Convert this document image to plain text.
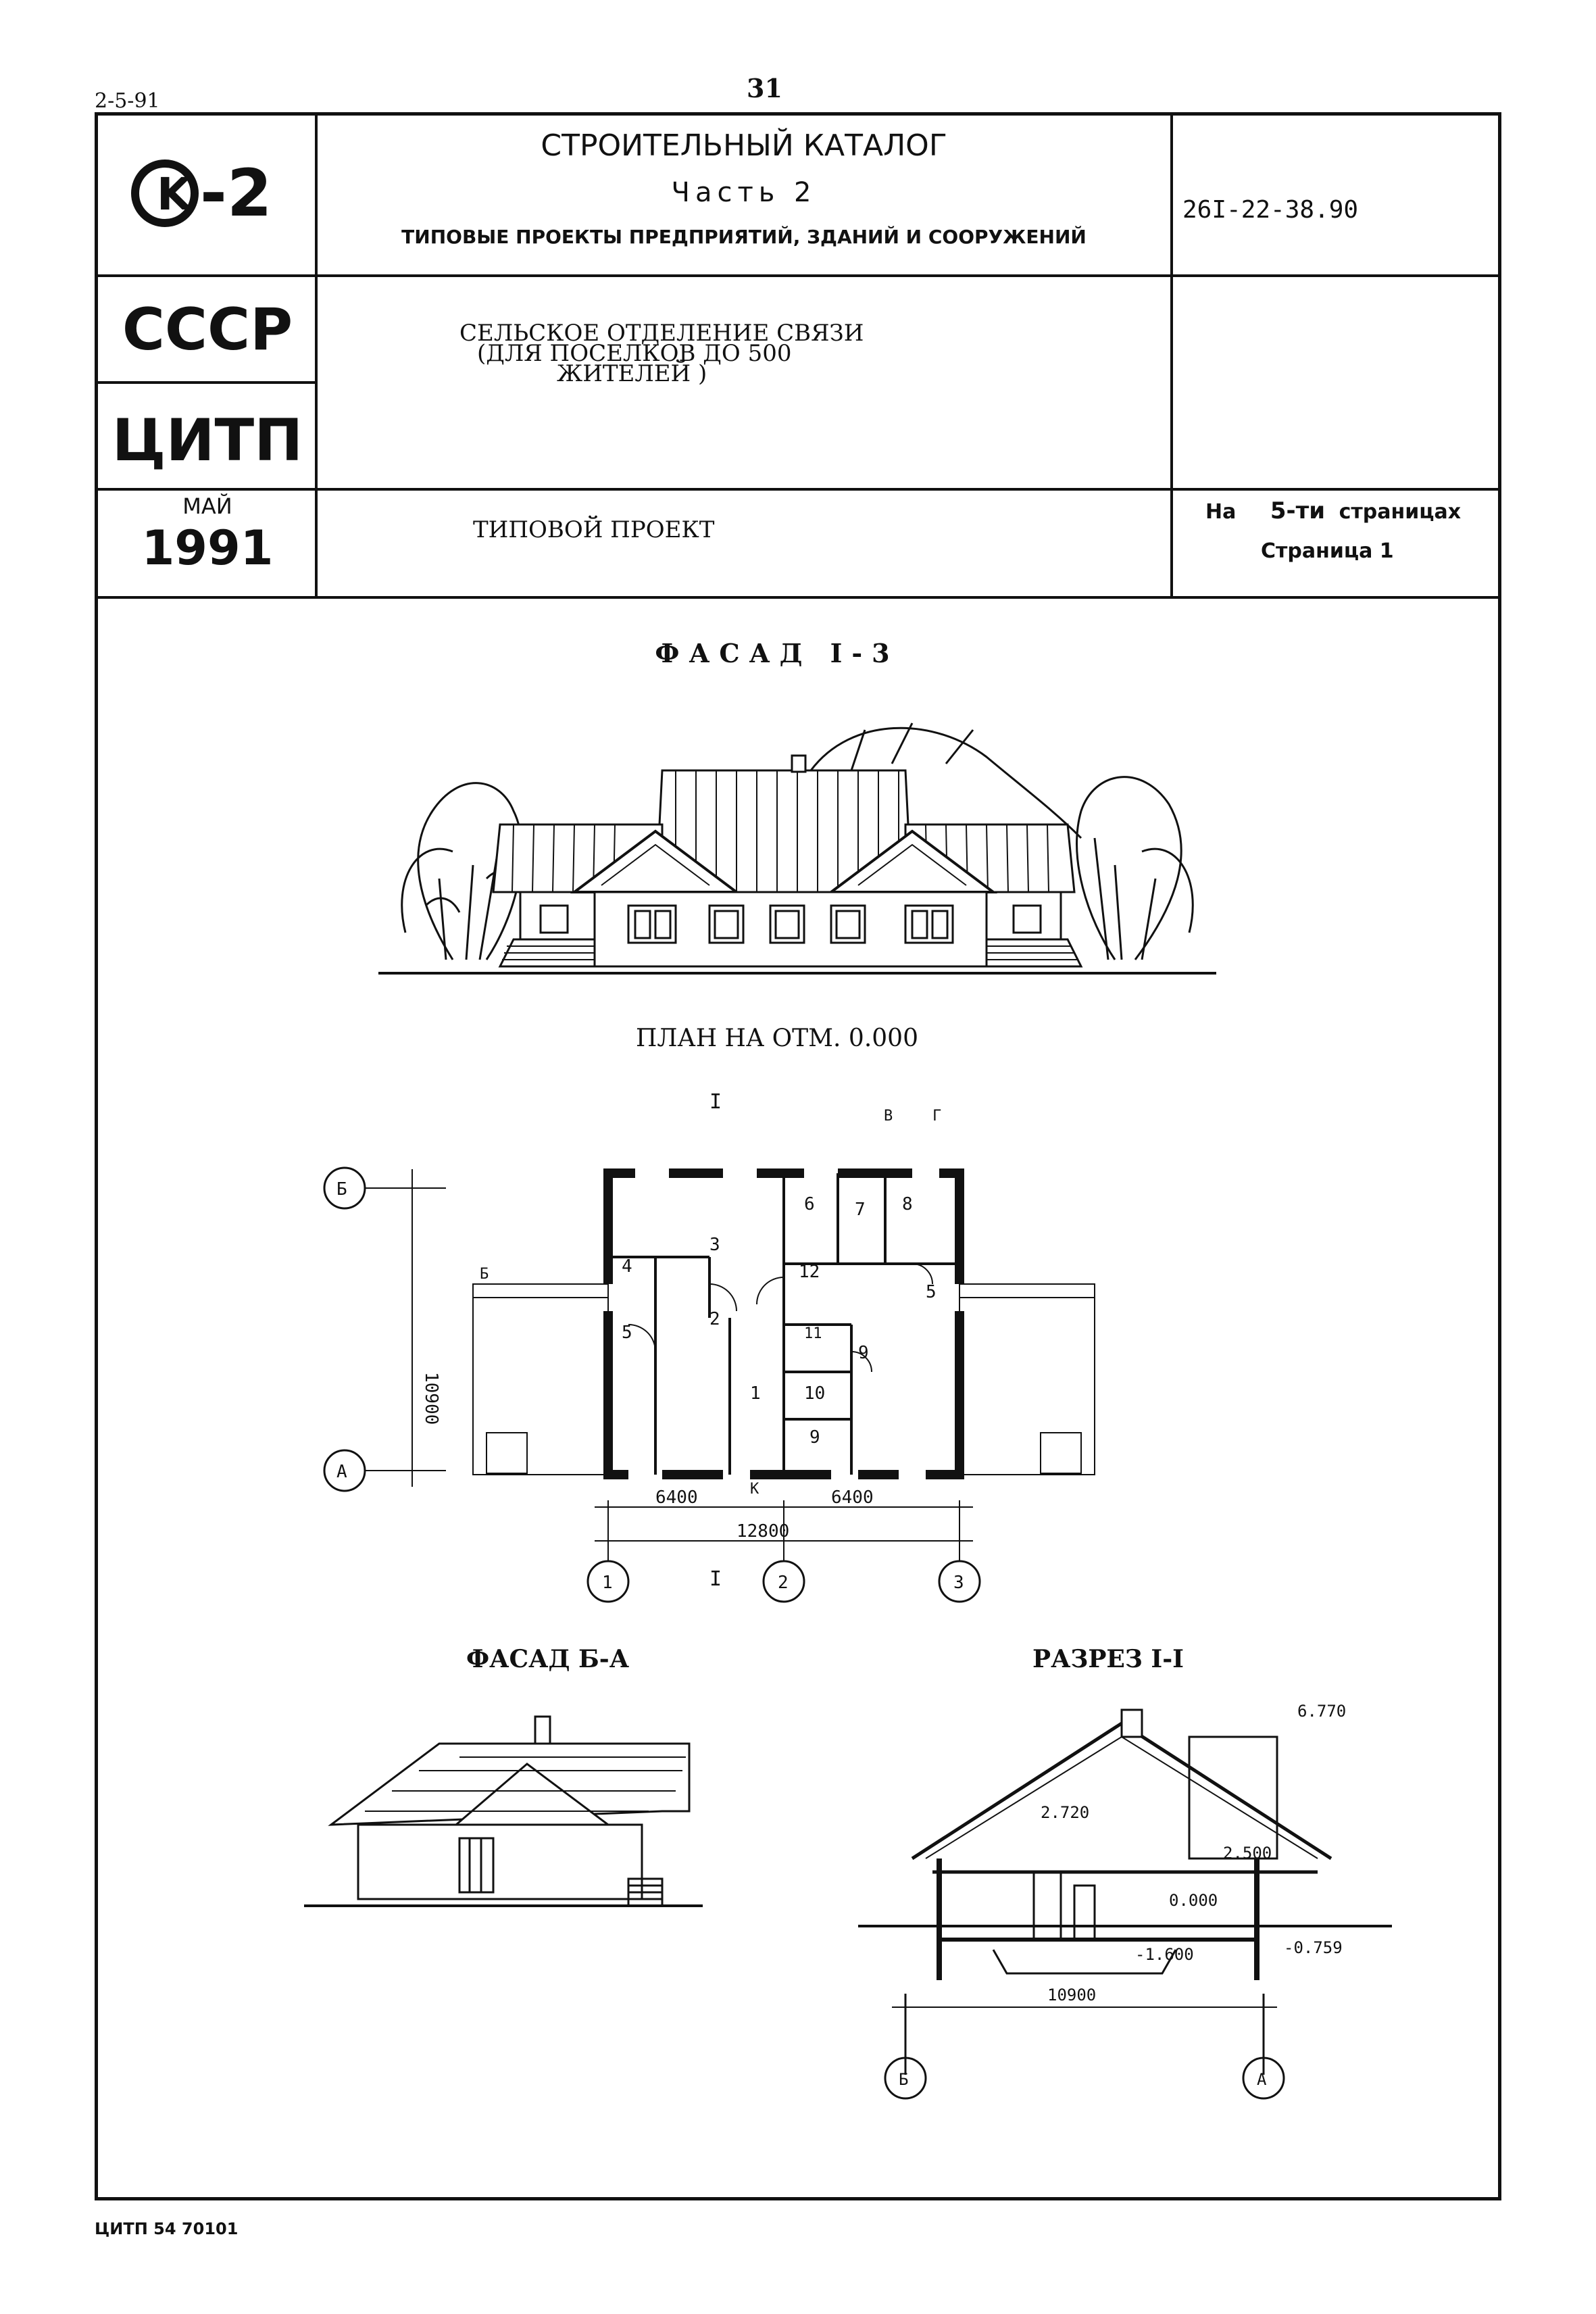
2-5-91	31
K -2
СССР
ЦИТП
МАЙ
1991
СТРОИТЕЛЬНЫЙ КАТАЛОГ
Часть 2
ТИПОВЫЕ ПРОЕКТЫ ПРЕДПРИЯТИЙ, ЗДАНИЙ И СООРУЖЕНИЙ
26I-22-38.90
СЕЛЬСКОЕ ОТДЕЛЕНИЕ СВЯЗИ
(ДЛЯ ПОСЕЛКОВ ДО 500
ЖИТЕЛЕЙ )
ТИПОВОЙ ПРОЕКТ
На 5-ти страницах
Страница 1
ФАСАД I-3
ПЛАН НА ОТМ. 0.000
ФАСАД Б-А	РАЗРЕЗ I-I
Б
А
1	2	3
10900
6400	6400
12800
I
I
Б
В	Г
К
1
2
3
4
5
5
6 7 8
9
9
10
11
12
6.770
2.720
2.500
0.000
-0.759
-1.600
10900
Б	А
ЦИТП 54 70101
